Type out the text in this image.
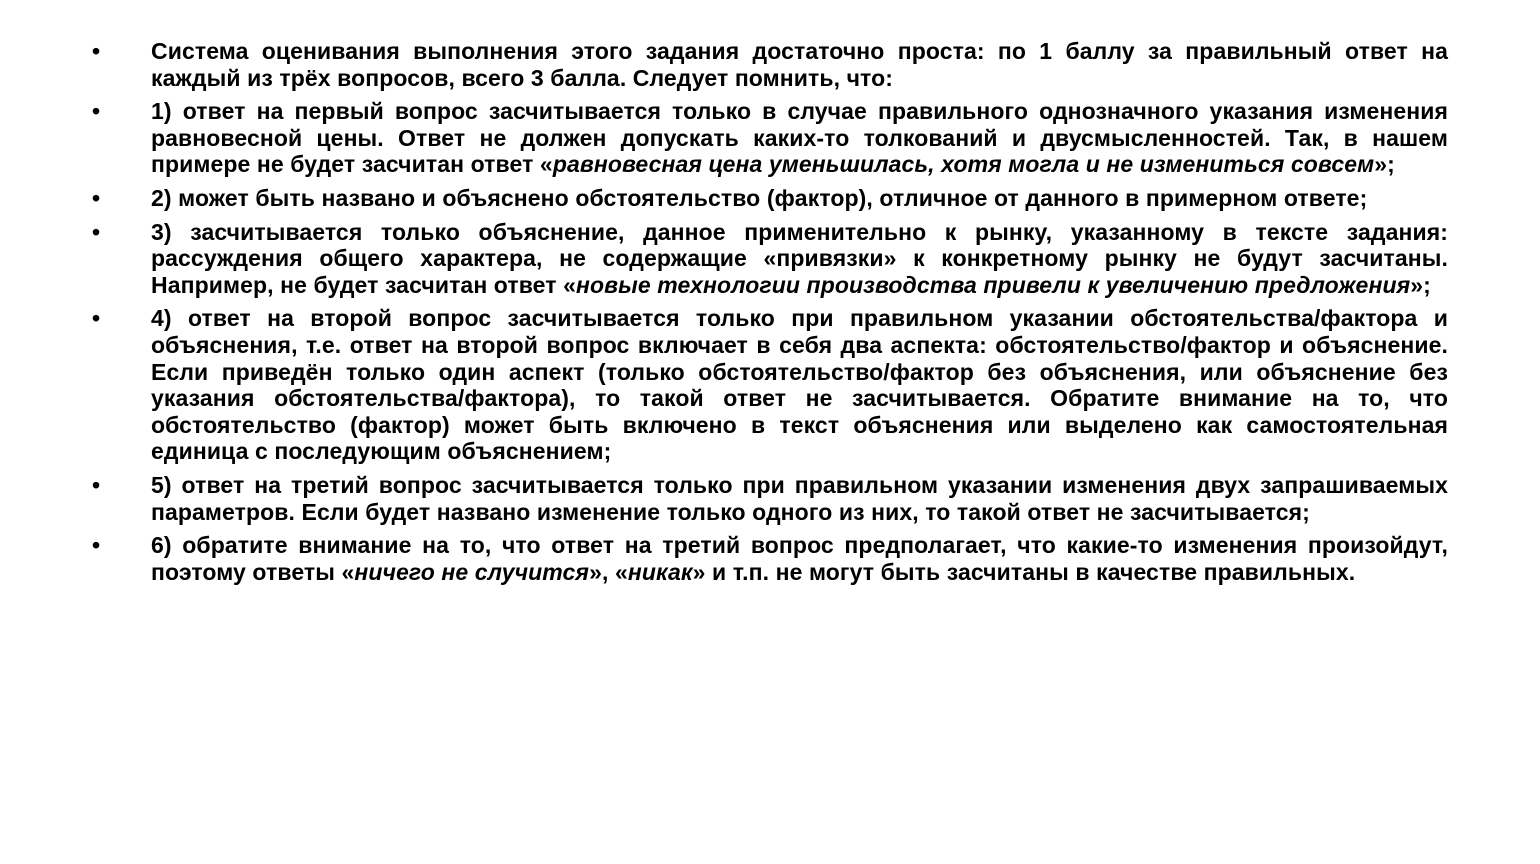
•	Система оценивания выполнения этого задания достаточно проста: по 1 баллу за правильный ответ на каждый из трёх вопросов, всего 3 балла. Следует помнить, что:
•	1) ответ на первый вопрос засчитывается только в случае правильного однозначного указания изменения равновесной цены. Ответ не должен допускать каких-то толкований и двусмысленностей. Так, в нашем примере не будет засчитан ответ «равновесная цена уменьшилась, хотя могла и не измениться совсем»;
•	2) может быть названо и объяснено обстоятельство (фактор), отличное от данного в примерном ответе;
•	3) засчитывается только объяснение, данное применительно к рынку, указанному в тексте задания: рассуждения общего характера, не содержащие «привязки» к конкретному рынку не будут засчитаны. Например, не будет засчитан ответ «новые технологии производства привели к увеличению предложения»;
•	4) ответ на второй вопрос засчитывается только при правильном указании обстоятельства/фактора и объяснения, т.е. ответ на второй вопрос включает в себя два аспекта: обстоятельство/фактор и объяснение. Если приведён только один аспект (только обстоятельство/фактор без объяснения, или объяснение без указания обстоятельства/фактора), то такой ответ не засчитывается. Обратите внимание на то, что обстоятельство (фактор) может быть включено в текст объяснения или выделено как самостоятельная единица с последующим объяснением;
•	5) ответ на третий вопрос засчитывается только при правильном указании изменения двух запрашиваемых параметров. Если будет названо изменение только одного из них, то такой ответ не засчитывается;
•	6) обратите внимание на то, что ответ на третий вопрос предполагает, что какие-то изменения произойдут, поэтому ответы «ничего не случится», «никак» и т.п. не могут быть засчитаны в качестве правильных.
